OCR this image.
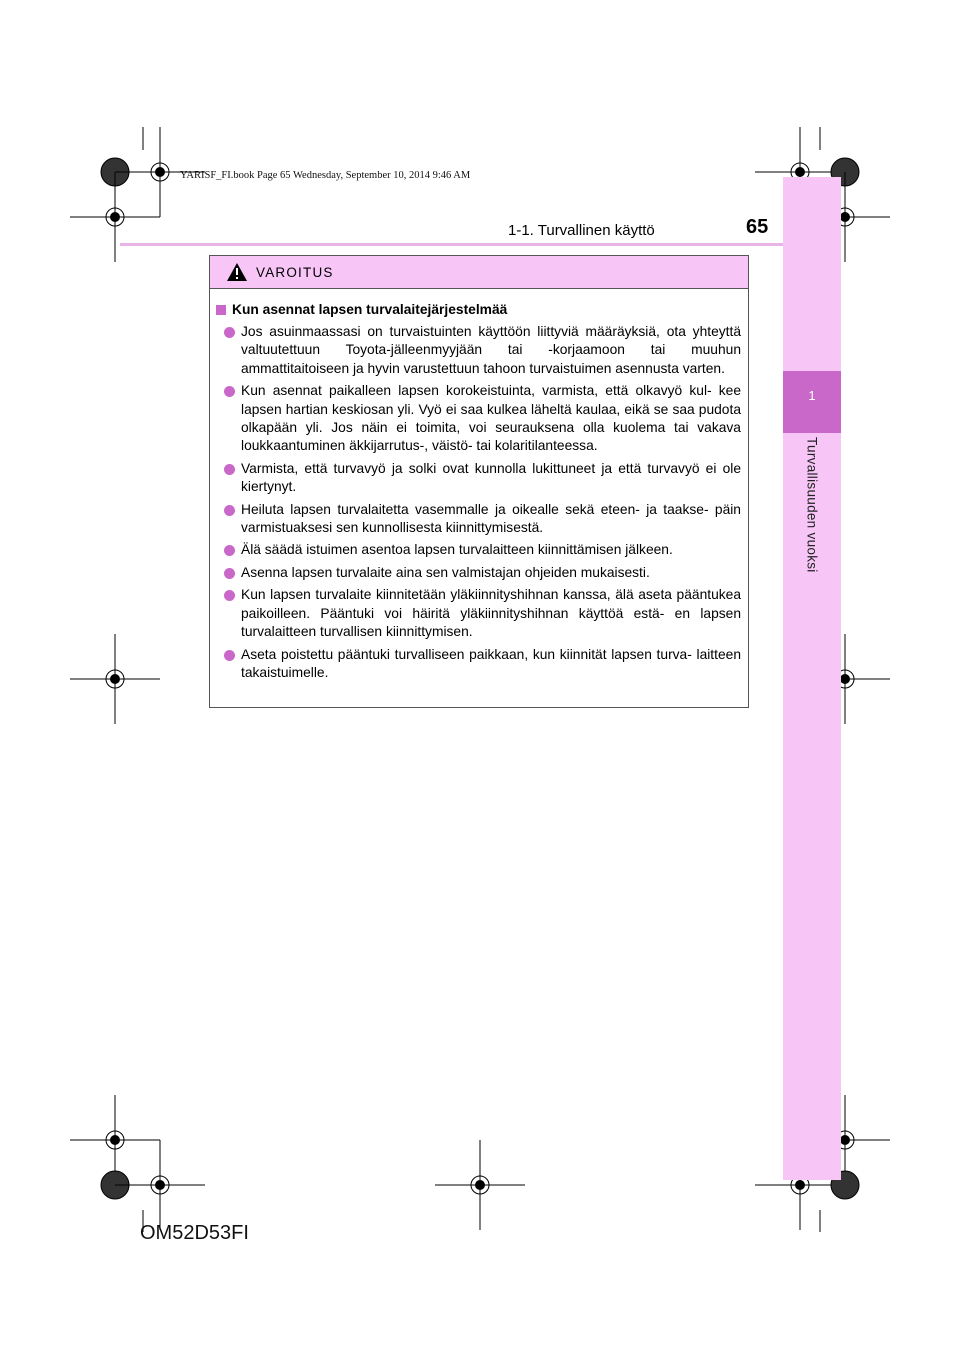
YARISF_FI.book Page 65 Wednesday, September 10, 2014 9:46 AM
1
Turvallisuuden vuoksi
1-1. Turvallinen käyttö	65
VAROITUS
Kun asennat lapsen turvalaitejärjestelmää
Jos asuinmaassasi on turvaistuinten käyttöön liittyviä määräyksiä, ota yhteyttä valtuutettuun Toyota-jälleenmyyjään tai -korjaamoon tai muuhun ammattitaitoiseen ja hyvin varustettuun tahoon turvaistuimen asennusta varten.
Kun asennat paikalleen lapsen korokeistuinta, varmista, että olkavyö kul- kee lapsen hartian keskiosan yli. Vyö ei saa kulkea läheltä kaulaa, eikä se saa pudota olkapään yli. Jos näin ei toimita, voi seurauksena olla kuolema tai vakava loukkaantuminen äkkijarrutus-, väistö- tai kolaritilanteessa.
Varmista, että turvavyö ja solki ovat kunnolla lukittuneet ja että turvavyö ei ole kiertynyt.
Heiluta lapsen turvalaitetta vasemmalle ja oikealle sekä eteen- ja taakse- päin varmistuaksesi sen kunnollisesta kiinnittymisestä.
Älä säädä istuimen asentoa lapsen turvalaitteen kiinnittämisen jälkeen.
Asenna lapsen turvalaite aina sen valmistajan ohjeiden mukaisesti.
Kun lapsen turvalaite kiinnitetään yläkiinnityshihnan kanssa, älä aseta pääntukea paikoilleen. Pääntuki voi häiritä yläkiinnityshihnan käyttöä estä- en lapsen turvalaitteen turvallisen kiinnittymisen.
Aseta poistettu pääntuki turvalliseen paikkaan, kun kiinnität lapsen turva- laitteen takaistuimelle.
OM52D53FI
